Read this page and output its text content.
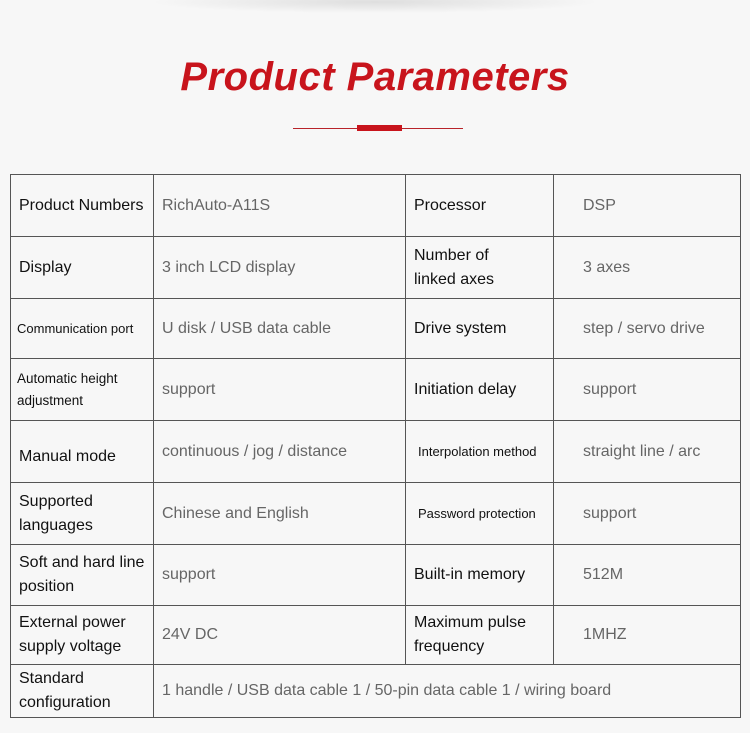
Product Parameters
Product Numbers	RichAuto-A11S	Processor	DSP
Display	3 inch LCD display	Number of linked axes	3 axes
Communication port	U disk / USB data cable	Drive system	step / servo drive
Automatic height adjustment	support	Initiation delay	support
Manual mode	continuous / jog / distance	Interpolation method	straight line / arc
Supported languages	Chinese and English	Password protection	support
Soft and hard line position	support	Built-in memory	512M
External power supply voltage	24V DC	Maximum pulse frequency	1MHZ
Standard configuration	1 handle / USB data cable 1 / 50-pin data cable 1 / wiring board		
